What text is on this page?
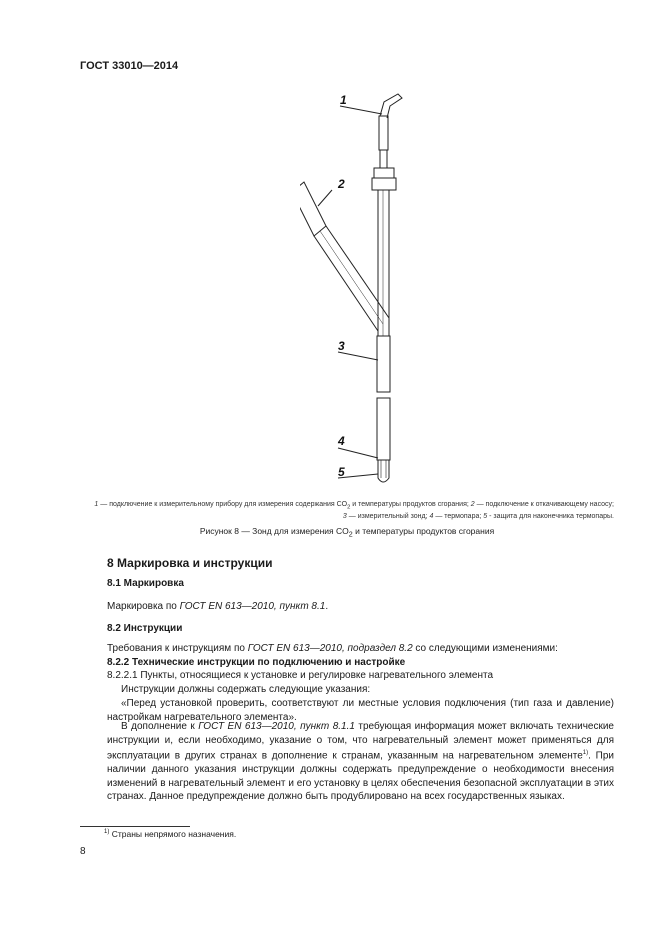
ГОСТ 33010—2014
1
2
3
4
5
1 — подключение к измерительному прибору для измерения содержания $CO_2$ и температуры продуктов сгорания; 2 — подключение к откачивающему насосу;
3 — измерительный зонд; 4 — термопара; 5 - защита для наконечника термопары.
Рисунок 8 — Зонд для измерения $CO_2$ и температуры продуктов сгорания
8 Маркировка и инструкции
8.1 Маркировка
Маркировка по ГОСТ EN 613—2010, пункт 8.1.
8.2 Инструкции
Требования к инструкциям по ГОСТ EN 613—2010, подраздел 8.2 со следующими изменениями:
8.2.2 Технические инструкции по подключению и настройке
8.2.2.1 Пункты, относящиеся к установке и регулировке нагревательного элемента
Инструкции должны содержать следующие указания:
«Перед установкой проверить, соответствуют ли местные условия подключения (тип газа и давление) настройкам нагревательного элемента».
В дополнение к ГОСТ EN 613—2010, пункт 8.1.1 требующая информация может включать технические инструкции и, если необходимо, указание о том, что нагревательный элемент может применяться для эксплуатации в других странах в дополнение к странам, указанным на нагревательном элементе$^{1)}$. При наличии данного указания инструкции должны содержать предупреждение о необходимости внесения изменений в нагревательный элемент и его установку в целях обеспечения безопасной эксплуатации в этих странах. Данное предупреждение должно быть продублировано на всех государственных языках.
$^{1)}$ Страны непрямого назначения.
8
